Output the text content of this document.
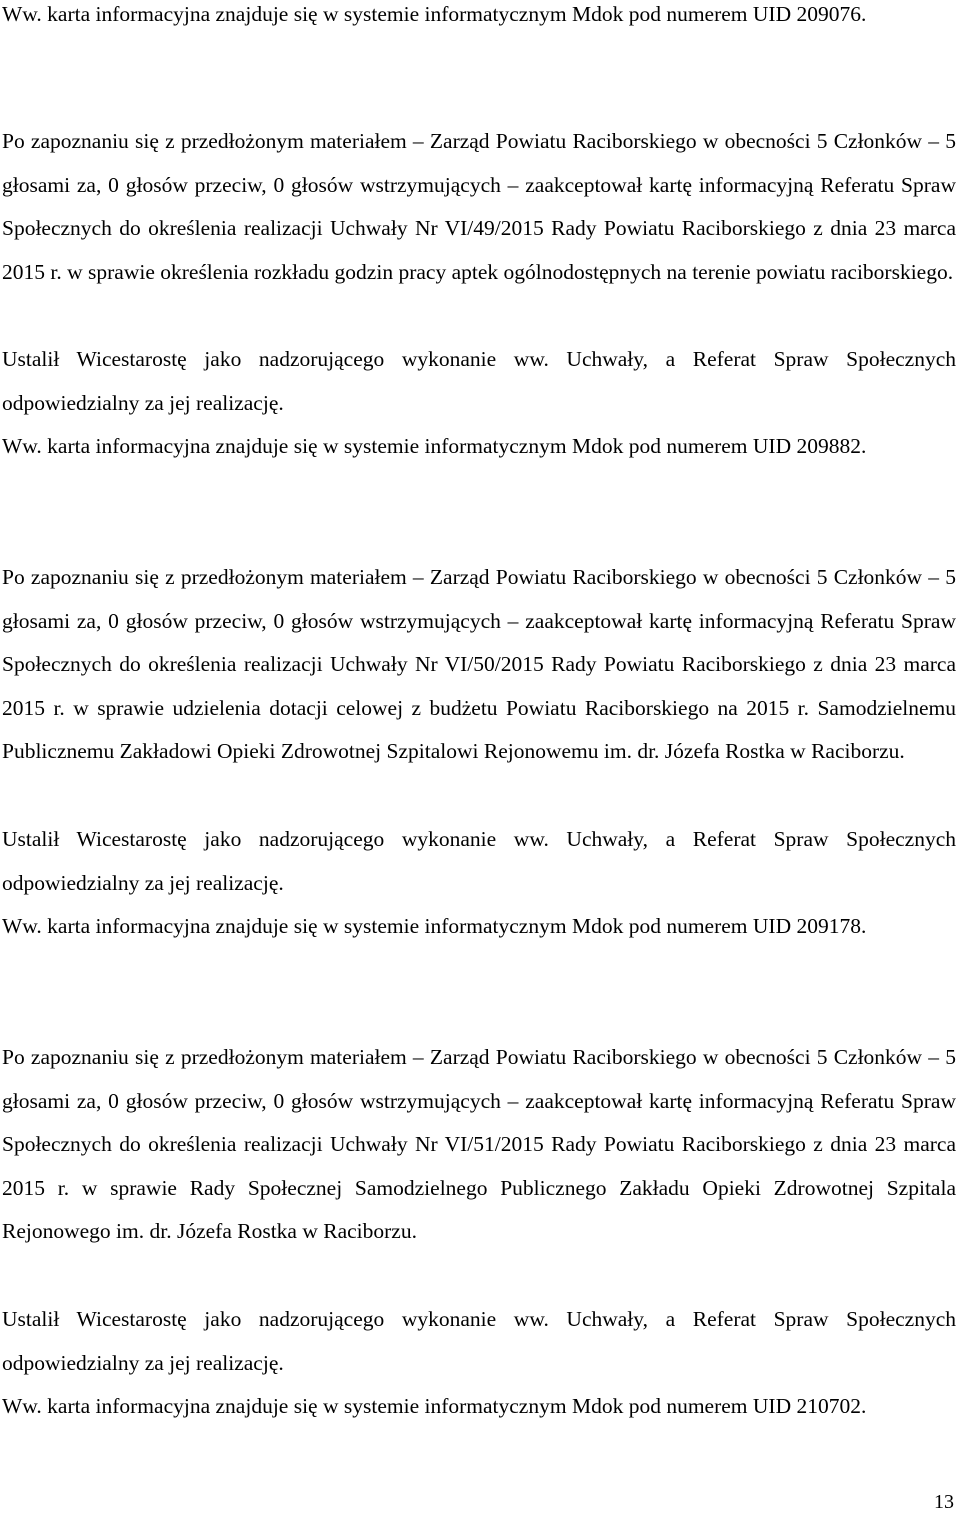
Ww. karta informacyjna znajduje się w systemie informatycznym Mdok pod numerem UID 209076.

Po zapoznaniu się z przedłożonym materiałem – Zarząd Powiatu Raciborskiego w obecności 5 Członków – 5 głosami za, 0 głosów przeciw, 0 głosów wstrzymujących – zaakceptował kartę informacyjną Referatu Spraw Społecznych do określenia realizacji Uchwały Nr VI/49/2015 Rady Powiatu Raciborskiego z dnia 23 marca 2015 r. w sprawie określenia rozkładu godzin pracy aptek ogólnodostępnych na terenie powiatu raciborskiego.

Ustalił Wicestarostę jako nadzorującego wykonanie ww. Uchwały, a Referat Spraw Społecznych odpowiedzialny za jej realizację.

Ww. karta informacyjna znajduje się w systemie informatycznym Mdok pod numerem UID 209882.

Po zapoznaniu się z przedłożonym materiałem – Zarząd Powiatu Raciborskiego w obecności 5 Członków – 5 głosami za, 0 głosów przeciw, 0 głosów wstrzymujących – zaakceptował kartę informacyjną Referatu Spraw Społecznych do określenia realizacji Uchwały Nr VI/50/2015 Rady Powiatu Raciborskiego z dnia 23 marca 2015 r. w sprawie udzielenia dotacji celowej z budżetu Powiatu Raciborskiego na 2015 r. Samodzielnemu Publicznemu Zakładowi Opieki Zdrowotnej Szpitalowi Rejonowemu im. dr. Józefa Rostka w Raciborzu.

Ustalił Wicestarostę jako nadzorującego wykonanie ww. Uchwały, a Referat Spraw Społecznych odpowiedzialny za jej realizację.

Ww. karta informacyjna znajduje się w systemie informatycznym Mdok pod numerem UID 209178.

Po zapoznaniu się z przedłożonym materiałem – Zarząd Powiatu Raciborskiego w obecności 5 Członków – 5 głosami za, 0 głosów przeciw, 0 głosów wstrzymujących – zaakceptował kartę informacyjną Referatu Spraw Społecznych do określenia realizacji Uchwały Nr VI/51/2015 Rady Powiatu Raciborskiego z dnia 23 marca 2015 r. w sprawie Rady Społecznej Samodzielnego Publicznego Zakładu Opieki Zdrowotnej Szpitala Rejonowego im. dr. Józefa Rostka w Raciborzu.

Ustalił Wicestarostę jako nadzorującego wykonanie ww. Uchwały, a Referat Spraw Społecznych odpowiedzialny za jej realizację.

Ww. karta informacyjna znajduje się w systemie informatycznym Mdok pod numerem UID 210702.

13
